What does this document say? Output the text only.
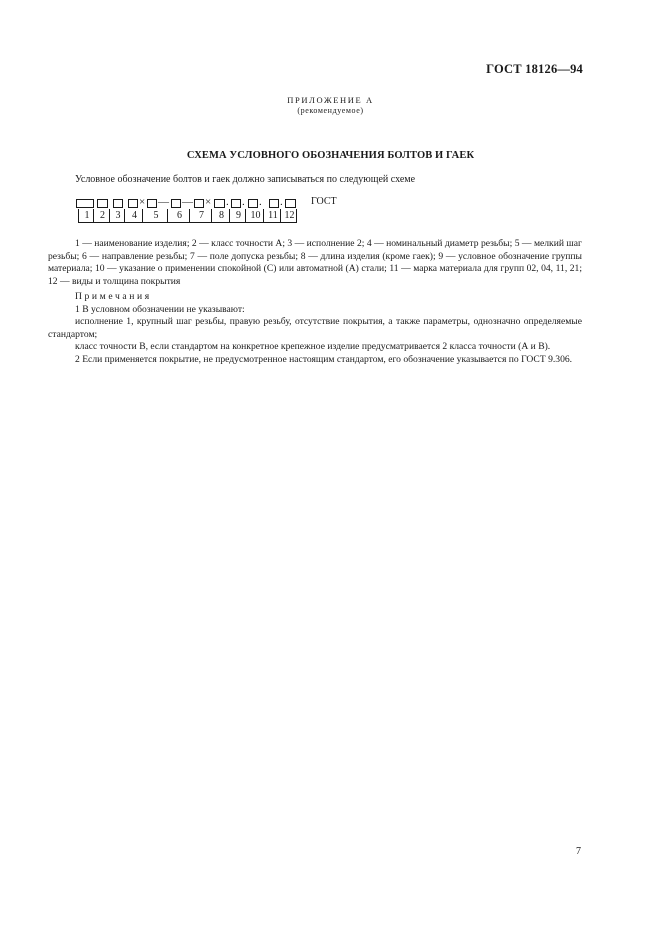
ГОСТ 18126—94
ПРИЛОЖЕНИЕ А
(рекомендуемое)
СХЕМА УСЛОВНОГО ОБОЗНАЧЕНИЯ БОЛТОВ И ГАЕК
Условное обозначение болтов и гаек должно записываться по следующей схеме
× — — × . . . .	ГОСТ
1	2	3	4	5	6	7	8	9 10 11 12
1 — наименование изделия; 2 — класс точности А; 3 — исполнение 2; 4 — номинальный диаметр резьбы; 5 — мелкий шаг резьбы; 6 — направление резьбы; 7 — поле допуска резьбы; 8 — длина изделия (кроме гаек); 9 — условное обозначение группы материала; 10 — указание о применении спокойной (С) или автоматной (А) стали; 11 — марка материала для групп 02, 04, 11, 21; 12 — виды и толщина покрытия

Примечания

1 В условном обозначении не указывают:

исполнение 1, крупный шаг резьбы, правую резьбу, отсутствие покрытия, а также параметры, однозначно определяемые стандартом;

класс точности В, если стандартом на конкретное крепежное изделие предусматривается 2 класса точности (А и В).

2 Если применяется покрытие, не предусмотренное настоящим стандартом, его обозначение указывается по ГОСТ 9.306.

7
